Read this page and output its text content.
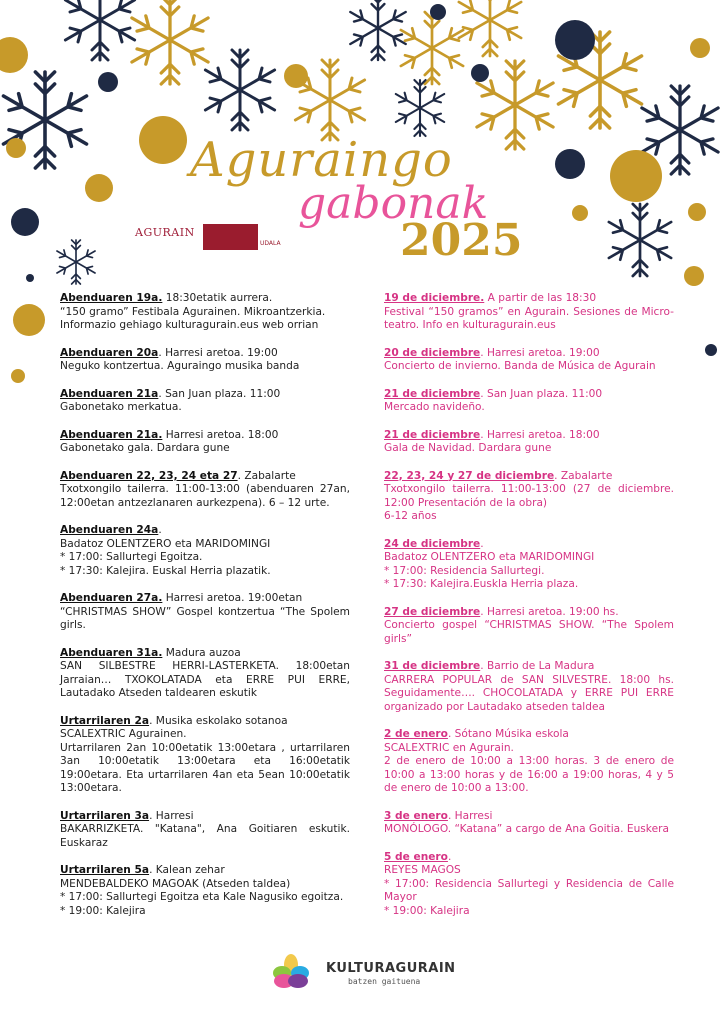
Aguraingo
gabonak
2025
AGURAIN
UDALA
Abenduaren 19a. 18:30etatik aurrera.
“150 gramo” Festibala Agurainen. Mikroantzerkia.
Informazio gehiago kulturagurain.eus web orrian
Abenduaren 20a. Harresi aretoa. 19:00
Neguko kontzertua. Aguraingo musika banda
Abenduaren 21a. San Juan plaza. 11:00
Gabonetako merkatua.
Abenduaren 21a. Harresi aretoa. 18:00
Gabonetako gala. Dardara gune
Abenduaren 22, 23, 24 eta 27. Zabalarte
Txotxongilo tailerra. 11:00-13:00 (abenduaren 27an, 12:00etan antzezlanaren aurkezpena). 6 – 12 urte.
Abenduaren 24a.
Badatoz OLENTZERO eta MARIDOMINGI
* 17:00: Sallurtegi Egoitza.
* 17:30: Kalejira. Euskal Herria plazatik.
Abenduaren 27a. Harresi aretoa. 19:00etan
“CHRISTMAS SHOW” Gospel kontzertua “The Spolem girls.
Abenduaren 31a. Madura auzoa
SAN SILBESTRE HERRI-LASTERKETA. 18:00etan Jarraian… TXOKOLATADA eta ERRE PUI ERRE, Lautadako Atseden taldearen eskutik
Urtarrilaren 2a. Musika eskolako sotanoa
SCALEXTRIC Agurainen.
Urtarrilaren 2an 10:00etatik 13:00etara , urtarrilaren 3an 10:00etatik 13:00etara eta 16:00etatik 19:00etara. Eta urtarrilaren 4an eta 5ean 10:00etatik 13:00etara.
Urtarrilaren 3a. Harresi
BAKARRIZKETA. "Katana", Ana Goitiaren eskutik. Euskaraz
Urtarrilaren 5a. Kalean zehar
MENDEBALDEKO MAGOAK (Atseden taldea)
* 17:00: Sallurtegi Egoitza eta Kale Nagusiko egoitza.
* 19:00: Kalejira
19 de diciembre. A partir de las 18:30
Festival “150 gramos” en Agurain. Sesiones de Micro-teatro. Info en kulturagurain.eus
20 de diciembre. Harresi aretoa. 19:00
Concierto de invierno. Banda de Música de Agurain
21 de diciembre. San Juan plaza. 11:00
Mercado navideño.
21 de diciembre. Harresi aretoa. 18:00
Gala de Navidad. Dardara gune
22, 23, 24 y 27 de diciembre. Zabalarte
Txotxongilo tailerra. 11:00-13:00 (27 de diciembre. 12:00 Presentación de la obra)
6-12 años
24 de diciembre.
Badatoz OLENTZERO eta MARIDOMINGI
* 17:00: Residencia Sallurtegi.
* 17:30: Kalejira.Euskla Herria plaza.
27 de diciembre. Harresi aretoa. 19:00 hs.
Concierto gospel “CHRISTMAS SHOW. “The Spolem girls”
31 de diciembre. Barrio de La Madura
CARRERA POPULAR de SAN SILVESTRE. 18:00 hs. Seguidamente…. CHOCOLATADA y ERRE PUI ERRE organizado por Lautadako atseden taldea
2 de enero. Sótano Músika eskola
SCALEXTRIC en Agurain.
2 de enero de 10:00 a 13:00 horas. 3 de enero de 10:00 a 13:00 horas y de 16:00 a 19:00 horas, 4 y 5 de enero de 10:00 a 13:00.
3 de enero. Harresi
MONÓLOGO. “Katana” a cargo de Ana Goitia. Euskera
5 de enero.
REYES MAGOS
* 17:00: Residencia Sallurtegi y Residencia de Calle Mayor
* 19:00: Kalejira
KULTURAGURAIN
batzen gaituena
